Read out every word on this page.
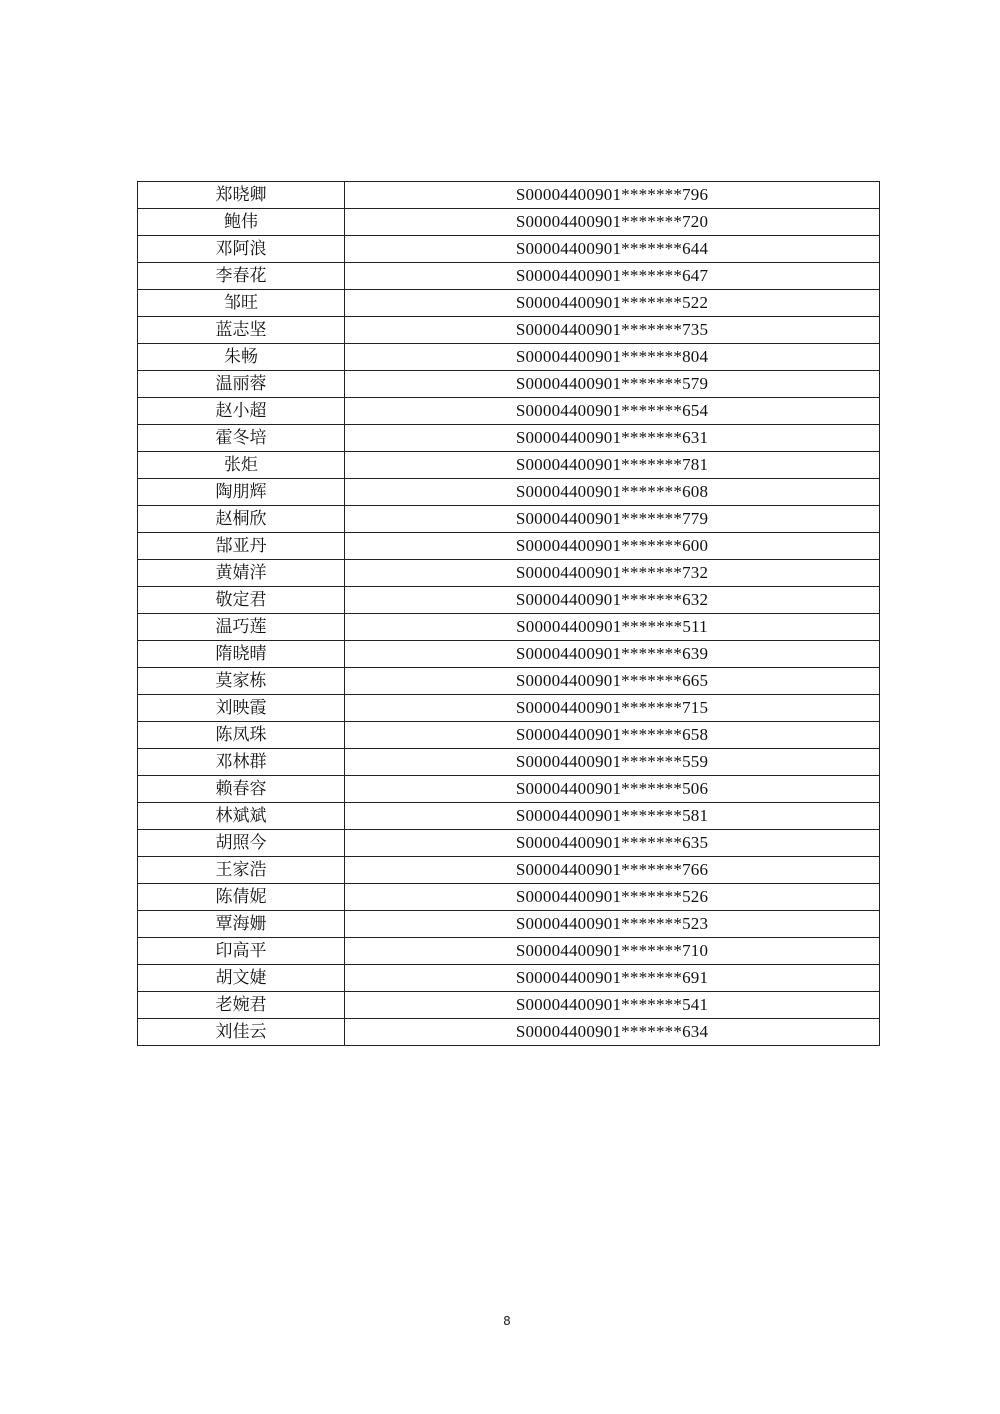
郑晓卿	S00004400901*******796
鲍伟	S00004400901*******720
邓阿浪	S00004400901*******644
李春花	S00004400901*******647
邹旺	S00004400901*******522
蓝志坚	S00004400901*******735
朱畅	S00004400901*******804
温丽蓉	S00004400901*******579
赵小超	S00004400901*******654
霍冬培	S00004400901*******631
张炬	S00004400901*******781
陶朋辉	S00004400901*******608
赵桐欣	S00004400901*******779
郜亚丹	S00004400901*******600
黄婧洋	S00004400901*******732
敬定君	S00004400901*******632
温巧莲	S00004400901*******511
隋晓晴	S00004400901*******639
莫家栋	S00004400901*******665
刘映霞	S00004400901*******715
陈凤珠	S00004400901*******658
邓林群	S00004400901*******559
赖春容	S00004400901*******506
林斌斌	S00004400901*******581
胡照今	S00004400901*******635
王家浩	S00004400901*******766
陈倩妮	S00004400901*******526
覃海姗	S00004400901*******523
印高平	S00004400901*******710
胡文婕	S00004400901*******691
老婉君	S00004400901*******541
刘佳云	S00004400901*******634
8
